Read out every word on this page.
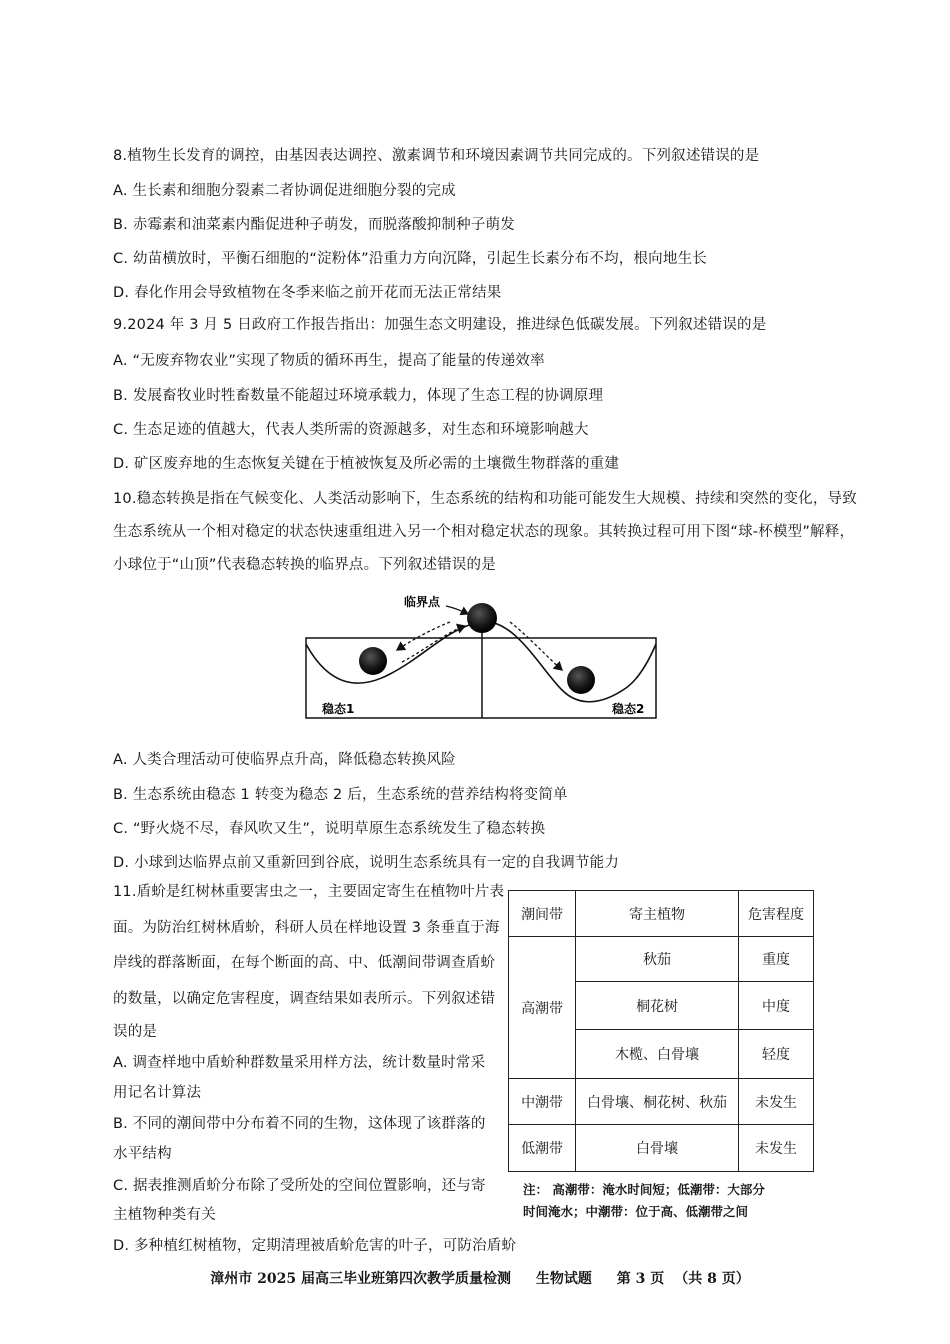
8.植物生长发育的调控，由基因表达调控、激素调节和环境因素调节共同完成的。下列叙述错误的是
A. 生长素和细胞分裂素二者协调促进细胞分裂的完成
B. 赤霉素和油菜素内酯促进种子萌发，而脱落酸抑制种子萌发
C. 幼苗横放时，平衡石细胞的“淀粉体”沿重力方向沉降，引起生长素分布不均，根向地生长
D. 春化作用会导致植物在冬季来临之前开花而无法正常结果
9.2024 年 3 月 5 日政府工作报告指出：加强生态文明建设，推进绿色低碳发展。下列叙述错误的是
A. “无废弃物农业”实现了物质的循环再生，提高了能量的传递效率
B. 发展畜牧业时牲畜数量不能超过环境承载力，体现了生态工程的协调原理
C. 生态足迹的值越大，代表人类所需的资源越多，对生态和环境影响越大
D. 矿区废弃地的生态恢复关键在于植被恢复及所必需的土壤微生物群落的重建
10.稳态转换是指在气候变化、人类活动影响下，生态系统的结构和功能可能发生大规模、持续和突然的变化，导致
生态系统从一个相对稳定的状态快速重组进入另一个相对稳定状态的现象。其转换过程可用下图“球-杯模型”解释，
小球位于“山顶”代表稳态转换的临界点。下列叙述错误的是
临界点
稳态1	稳态2
A. 人类合理活动可使临界点升高，降低稳态转换风险
B. 生态系统由稳态 1 转变为稳态 2 后，生态系统的营养结构将变简单
C. “野火烧不尽，春风吹又生”，说明草原生态系统发生了稳态转换
D. 小球到达临界点前又重新回到谷底，说明生态系统具有一定的自我调节能力
11.盾蚧是红树林重要害虫之一，主要固定寄生在植物叶片表
面。为防治红树林盾蚧，科研人员在样地设置 3 条垂直于海
岸线的群落断面，在每个断面的高、中、低潮间带调查盾蚧
的数量，以确定危害程度，调查结果如表所示。下列叙述错
误的是
A. 调查样地中盾蚧种群数量采用样方法，统计数量时常采
用记名计算法
B. 不同的潮间带中分布着不同的生物，这体现了该群落的
水平结构
C. 据表推测盾蚧分布除了受所处的空间位置影响，还与寄
主植物种类有关
D. 多种植红树植物，定期清理被盾蚧危害的叶子，可防治盾蚧
潮间带	寄主植物	危害程度
高潮带	秋茄	重度
	桐花树	中度
	木榄、白骨壤	轻度
中潮带	白骨壤、桐花树、秋茄	未发生
低潮带	白骨壤	未发生
注： 高潮带：淹水时间短；低潮带：大部分
时间淹水；中潮带：位于高、低潮带之间
漳州市 2025 届高三毕业班第四次教学质量检测 生物试题 第 3 页 （共 8 页）
